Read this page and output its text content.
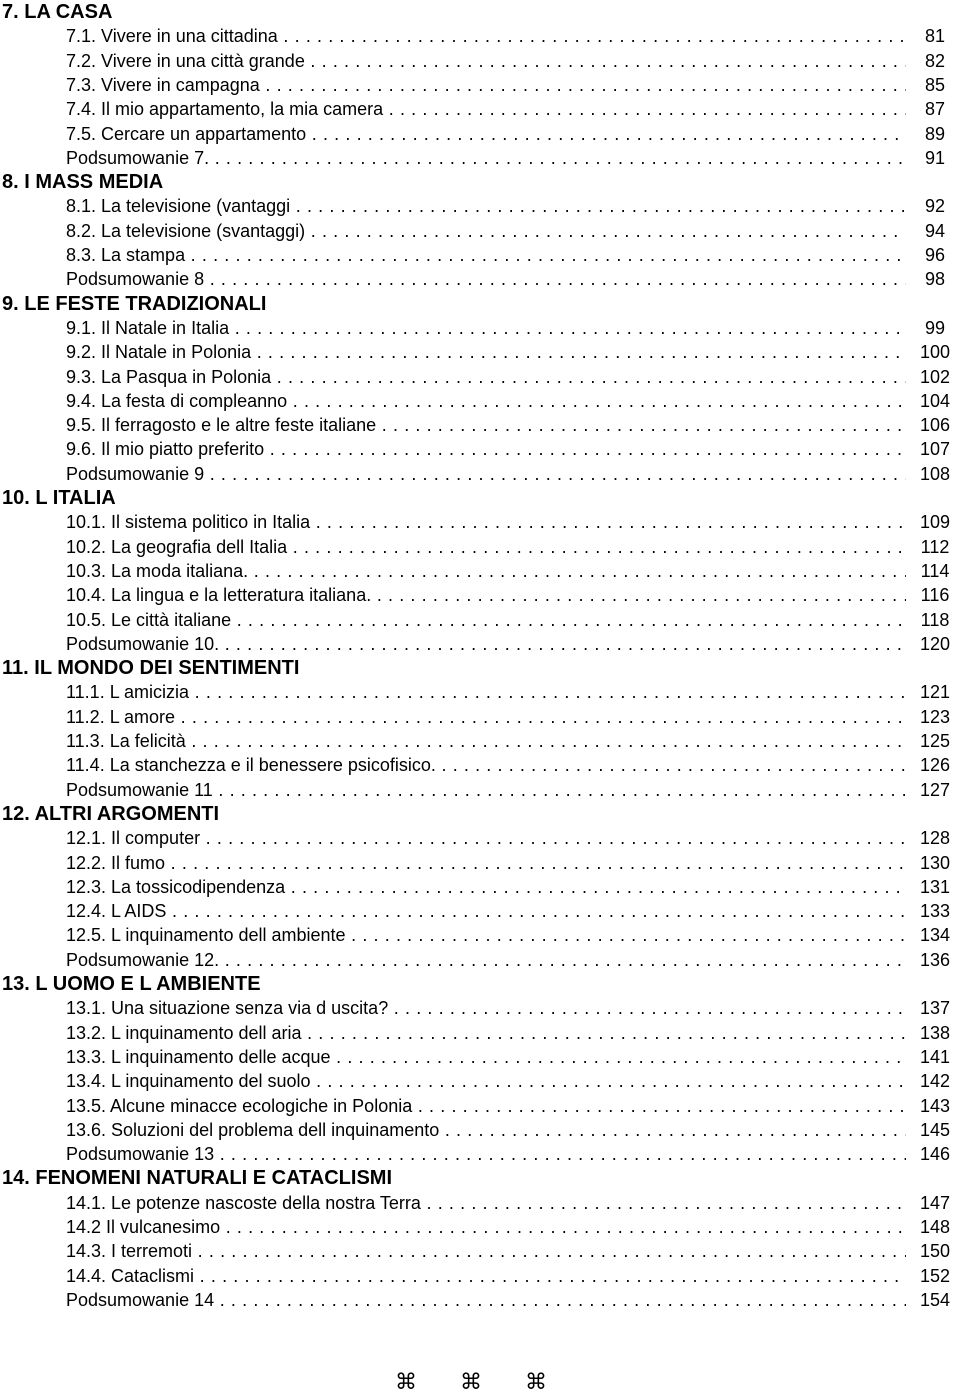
7. LA CASA
7.1. Vivere in una cittadina . . .	81
7.2. Vivere in una città grande . . .	82
7.3. Vivere in campagna . . .	85
7.4. Il mio appartamento, la mia camera . . .	87
7.5. Cercare un appartamento . . .	89
Podsumowanie 7. . . .	91
8. I MASS MEDIA
8.1. La televisione (vantaggi . . .	92
8.2. La televisione (svantaggi) . . .	94
8.3. La stampa . . .	96
Podsumowanie 8 . . .	98
9. LE FESTE TRADIZIONALI
9.1. Il Natale in Italia . . .	99
9.2. Il Natale in Polonia . . .	100
9.3. La Pasqua in Polonia . . .	102
9.4. La festa di compleanno . . .	104
9.5. Il ferragosto e le altre feste italiane . . .	106
9.6. Il mio piatto preferito . . .	107
Podsumowanie 9 . . .	108
10. L ITALIA
10.1. Il sistema politico in Italia . . .	109
10.2. La geografia dell Italia . . .	112
10.3. La moda italiana. . . .	114
10.4. La lingua e la letteratura italiana. . . .	116
10.5. Le città italiane . . .	118
Podsumowanie 10. . . .	120
11. IL MONDO DEI SENTIMENTI
11.1. L amicizia . . .	121
11.2. L amore . . .	123
11.3. La felicità . . .	125
11.4. La stanchezza e il benessere psicofisico. . . .	126
Podsumowanie 11 . . .	127
12. ALTRI ARGOMENTI
12.1. Il computer . . .	128
12.2. Il fumo . . .	130
12.3. La tossicodipendenza . . .	131
12.4. L AIDS . . .	133
12.5. L inquinamento dell ambiente . . .	134
Podsumowanie 12. . . .	136
13. L UOMO E L AMBIENTE
13.1. Una situazione senza via d uscita? . . .	137
13.2. L inquinamento dell aria . . .	138
13.3. L inquinamento delle acque . . .	141
13.4. L inquinamento del suolo . . .	142
13.5. Alcune minacce ecologiche in Polonia . . .	143
13.6. Soluzioni del problema dell inquinamento . . .	145
Podsumowanie 13 . . .	146
14. FENOMENI NATURALI E CATACLISMI
14.1. Le potenze nascoste della nostra Terra . . .	147
14.2 Il vulcanesimo . . .	148
14.3. I terremoti . . .	150
14.4. Cataclismi . . .	152
Podsumowanie 14 . . .	154
⌘ ⌘ ⌘
